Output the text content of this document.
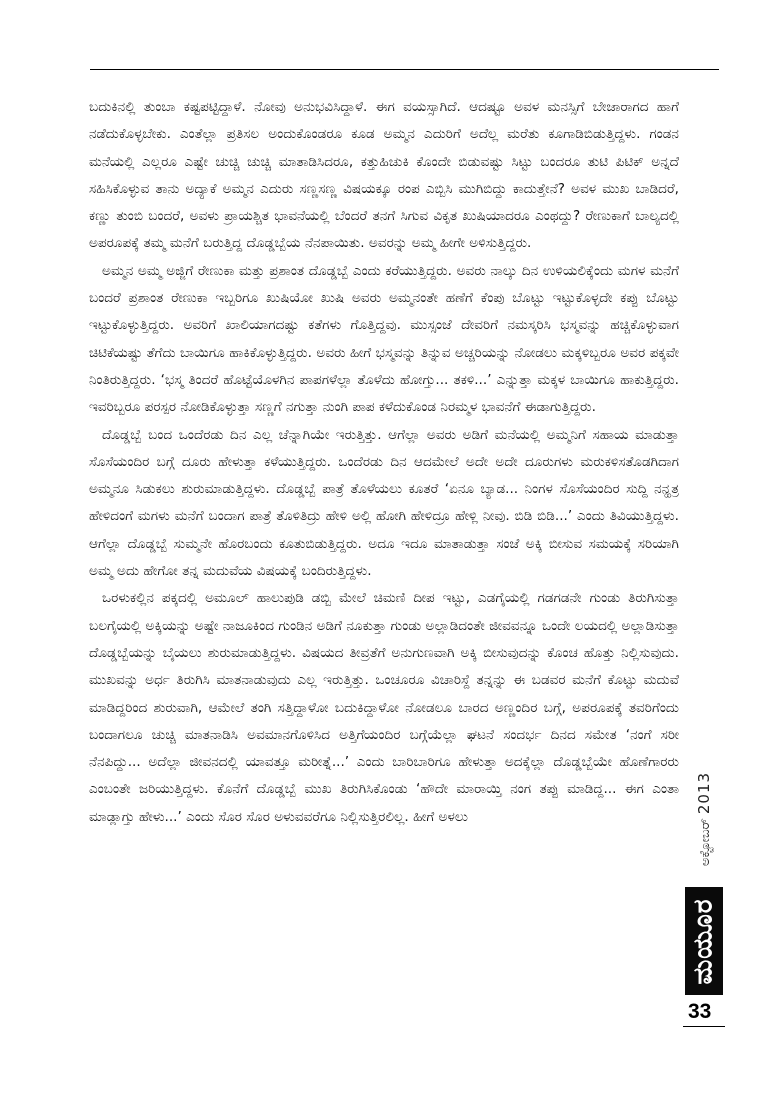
ಬದುಕಿನಲ್ಲಿ ತುಂಬಾ ಕಷ್ಟಪಟ್ಟಿದ್ದಾಳೆ. ನೋವು ಅನುಭವಿಸಿದ್ದಾಳೆ. ಈಗ ವಯಸ್ಸಾಗಿದೆ. ಆದಷ್ಟೂ ಅವಳ ಮನಸ್ಸಿಗೆ ಬೇಜಾರಾಗದ ಹಾಗೆ ನಡೆದುಕೊಳ್ಳಬೇಕು. ಎಂತೆಲ್ಲಾ ಪ್ರತಿಸಲ ಅಂದುಕೊಂಡರೂ ಕೂಡ ಅಮ್ಮನ ಎದುರಿಗೆ ಅದೆಲ್ಲ ಮರೆತು ಕೂಗಾಡಿಬಿಡುತ್ತಿದ್ದಳು. ಗಂಡನ ಮನೆಯಲ್ಲಿ ಎಲ್ಲರೂ ಎಷ್ಟೇ ಚುಚ್ಚಿ ಚುಚ್ಚಿ ಮಾತಾಡಿಸಿದರೂ, ಕತ್ತುಹಿಚುಕಿ ಕೊಂದೇ ಬಿಡುವಷ್ಟು ಸಿಟ್ಟು ಬಂದರೂ ತುಟಿ ಪಿಟಿಕ್ ಅನ್ನದೆ ಸಹಿಸಿಕೊಳ್ಳುವ ತಾನು ಅದ್ಯಾಕೆ ಅಮ್ಮನ ಎದುರು ಸಣ್ಣಸಣ್ಣ ವಿಷಯಕ್ಕೂ ರಂಪ ಎಬ್ಬಿಸಿ ಮುಗಿಬಿದ್ದು ಕಾದುತ್ತೇನೆ? ಅವಳ ಮುಖ ಬಾಡಿದರೆ, ಕಣ್ಣು ತುಂಬಿ ಬಂದರೆ, ಅವಳು ಪ್ರಾಯಶ್ಚಿತ ಭಾವನೆಯಲ್ಲಿ ಬೆಂದರೆ ತನಗೆ ಸಿಗುವ ವಿಕೃತ ಖುಷಿಯಾದರೂ ಎಂಥದ್ದು? ರೇಣುಕಾಗೆ ಬಾಲ್ಯದಲ್ಲಿ ಅಪರೂಪಕ್ಕೆ ತಮ್ಮ ಮನೆಗೆ ಬರುತ್ತಿದ್ದ ದೊಡ್ಡಬ್ಬೆಯ ನೆನಪಾಯಿತು. ಅವರನ್ನು ಅಮ್ಮ ಹೀಗೇ ಅಳಿಸುತ್ತಿದ್ದರು.

ಅಮ್ಮನ ಅಮ್ಮ ಅಜ್ಜಿಗೆ ರೇಣುಕಾ ಮತ್ತು ಪ್ರಶಾಂತ ದೊಡ್ಡಬ್ಬೆ ಎಂದು ಕರೆಯುತ್ತಿದ್ದರು. ಅವರು ನಾಲ್ಕು ದಿನ ಉಳಿಯಲಿಕ್ಕೆಂದು ಮಗಳ ಮನೆಗೆ ಬಂದರೆ ಪ್ರಶಾಂತ ರೇಣುಕಾ ಇಬ್ಬರಿಗೂ ಖುಷಿಯೋ ಖುಷಿ ಅವರು ಅಮ್ಮನಂತೇ ಹಣೆಗೆ ಕೆಂಪು ಬೊಟ್ಟು ಇಟ್ಟುಕೊಳ್ಳದೇ ಕಪ್ಪು ಬೊಟ್ಟು ಇಟ್ಟುಕೊಳ್ಳುತ್ತಿದ್ದರು. ಅವರಿಗೆ ಖಾಲಿಯಾಗದಷ್ಟು ಕತೆಗಳು ಗೊತ್ತಿದ್ದವು. ಮುಸ್ಸಂಜೆ ದೇವರಿಗೆ ನಮಸ್ಕರಿಸಿ ಭಸ್ಮವನ್ನು ಹಚ್ಚಿಕೊಳ್ಳುವಾಗ ಚಿಟಿಕೆಯಷ್ಟು ತೆಗೆದು ಬಾಯಿಗೂ ಹಾಕಿಕೊಳ್ಳುತ್ತಿದ್ದರು. ಅವರು ಹೀಗೆ ಭಸ್ಮವನ್ನು ತಿನ್ನುವ ಅಚ್ಚರಿಯನ್ನು ನೋಡಲು ಮಕ್ಕಳಿಬ್ಬರೂ ಅವರ ಪಕ್ಕವೇ ನಿಂತಿರುತ್ತಿದ್ದರು. ‘ಭಸ್ಮ ತಿಂದರೆ ಹೊಟ್ಟೆಯೊಳಗಿನ ಪಾಪಗಳೆಲ್ಲಾ ತೊಳೆದು ಹೋಗ್ತು... ತಕಳಿ...’ ಎನ್ನುತ್ತಾ ಮಕ್ಕಳ ಬಾಯಿಗೂ ಹಾಕುತ್ತಿದ್ದರು. ಇವರಿಬ್ಬರೂ ಪರಸ್ಪರ ನೋಡಿಕೊಳ್ಳುತ್ತಾ ಸಣ್ಣಗೆ ನಗುತ್ತಾ ನುಂಗಿ ಪಾಪ ಕಳೆದುಕೊಂಡ ನಿರಮ್ಮಳ ಭಾವನೆಗೆ ಈಡಾಗುತ್ತಿದ್ದರು.

ದೊಡ್ಡಬ್ಬೆ ಬಂದ ಒಂದೆರಡು ದಿನ ಎಲ್ಲ ಚೆನ್ನಾಗಿಯೇ ಇರುತ್ತಿತ್ತು. ಆಗೆಲ್ಲಾ ಅವರು ಅಡಿಗೆ ಮನೆಯಲ್ಲಿ ಅಮ್ಮನಿಗೆ ಸಹಾಯ ಮಾಡುತ್ತಾ ಸೊಸೆಯಂದಿರ ಬಗ್ಗೆ ದೂರು ಹೇಳುತ್ತಾ ಕಳೆಯುತ್ತಿದ್ದರು. ಒಂದೆರಡು ದಿನ ಆದಮೇಲೆ ಅದೇ ಅದೇ ದೂರುಗಳು ಮರುಕಳಿಸತೊಡಗಿದಾಗ ಅಮ್ಮನೂ ಸಿಡುಕಲು ಶುರುಮಾಡುತ್ತಿದ್ದಳು. ದೊಡ್ಡಬ್ಬೆ ಪಾತ್ರೆ ತೊಳೆಯಲು ಕೂತರೆ ‘ಏನೂ ಬ್ಯಾಡ... ನಿಂಗಳ ಸೊಸೆಯಂದಿರ ಸುದ್ದಿ ನನ್ಹತ್ರ ಹೇಳಿದಂಗೆ ಮಗಳು ಮನೆಗೆ ಬಂದಾಗ ಪಾತ್ರೆ ತೊಳಿತಿದ್ರು ಹೇಳಿ ಅಲ್ಲಿ ಹೋಗಿ ಹೇಳಿದ್ರೂ ಹೇಳ್ಲಿ ನೀವು. ಬಿಡಿ ಬಿಡಿ...’ ಎಂದು ತಿವಿಯುತ್ತಿದ್ದಳು. ಆಗೆಲ್ಲಾ ದೊಡ್ಡಬ್ಬೆ ಸುಮ್ಮನೇ ಹೊರಬಂದು ಕೂತುಬಿಡುತ್ತಿದ್ದರು. ಅದೂ ಇದೂ ಮಾತಾಡುತ್ತಾ ಸಂಜೆ ಅಕ್ಕಿ ಬೀಸುವ ಸಮಯಕ್ಕೆ ಸರಿಯಾಗಿ ಅಮ್ಮ ಅದು ಹೇಗೋ ತನ್ನ ಮದುವೆಯ ವಿಷಯಕ್ಕೆ ಬಂದಿರುತ್ತಿದ್ದಳು.

ಒರಳುಕಲ್ಲಿನ ಪಕ್ಕದಲ್ಲಿ ಅಮೂಲ್ ಹಾಲುಪುಡಿ ಡಬ್ಬಿ ಮೇಲೆ ಚಿಮಣಿ ದೀಪ ಇಟ್ಟು, ಎಡಗೈಯಲ್ಲಿ ಗಡಗಡನೇ ಗುಂಡು ತಿರುಗಿಸುತ್ತಾ ಬಲಗೈಯಲ್ಲಿ ಅಕ್ಕಿಯನ್ನು ಅಷ್ಟೇ ನಾಜೂಕಿಂದ ಗುಂಡಿನ ಅಡಿಗೆ ನೂಕುತ್ತಾ ಗುಂಡು ಅಲ್ಲಾಡಿದಂತೇ ಜೀವವನ್ನೂ ಒಂದೇ ಲಯದಲ್ಲಿ ಅಲ್ಲಾಡಿಸುತ್ತಾ ದೊಡ್ಡಬ್ಬೆಯನ್ನು ಬೈಯಲು ಶುರುಮಾಡುತ್ತಿದ್ದಳು. ವಿಷಯದ ತೀವ್ರತೆಗೆ ಅನುಗುಣವಾಗಿ ಅಕ್ಕಿ ಬೀಸುವುದನ್ನು ಕೊಂಚ ಹೊತ್ತು ನಿಲ್ಲಿಸುವುದು. ಮುಖವನ್ನು ಅರ್ಧ ತಿರುಗಿಸಿ ಮಾತನಾಡುವುದು ಎಲ್ಲ ಇರುತ್ತಿತ್ತು. ಒಂಚೂರೂ ವಿಚಾರಿಸ್ದೆ ತನ್ನನ್ನು ಈ ಬಡವರ ಮನೆಗೆ ಕೊಟ್ಟು ಮದುವೆ ಮಾಡಿದ್ದರಿಂದ ಶುರುವಾಗಿ, ಆಮೇಲೆ ತಂಗಿ ಸತ್ತಿದ್ದಾಳೋ ಬದುಕಿದ್ದಾಳೋ ನೋಡಲೂ ಬಾರದ ಅಣ್ಣಂದಿರ ಬಗ್ಗೆ, ಅಪರೂಪಕ್ಕೆ ತವರಿಗೆಂದು ಬಂದಾಗಲೂ ಚುಚ್ಚಿ ಮಾತನಾಡಿಸಿ ಅವಮಾನಗೊಳಿಸಿದ ಅತ್ತಿಗೆಯಂದಿರ ಬಗ್ಗೆಯೆಲ್ಲಾ ಘಟನೆ ಸಂದರ್ಭ ದಿನದ ಸಮೇತ ‘ನಂಗೆ ಸರೀ ನೆನಪಿದ್ದು... ಅದೆಲ್ಲಾ ಜೀವನದಲ್ಲಿ ಯಾವತ್ತೂ ಮರೀತ್ನೆ...’ ಎಂದು ಬಾರಿಬಾರಿಗೂ ಹೇಳುತ್ತಾ ಅದಕ್ಕೆಲ್ಲಾ ದೊಡ್ಡಬ್ಬೆಯೇ ಹೊಣೆಗಾರರು ಎಂಬಂತೇ ಜರಿಯುತ್ತಿದ್ದಳು. ಕೊನೆಗೆ ದೊಡ್ಡಬ್ಬೆ ಮುಖ ತಿರುಗಿಸಿಕೊಂಡು ‘ಹೌದೇ ಮಾರಾಯ್ತಿ ನಂಗ ತಪ್ಪು ಮಾಡಿದ್ದ... ಈಗ ಎಂತಾ ಮಾಡ್ಲಾಗ್ತು ಹೇಳು...’ ಎಂದು ಸೊರ ಸೊರ ಅಳುವವರೆಗೂ ನಿಲ್ಲಿಸುತ್ತಿರಲಿಲ್ಲ. ಹೀಗೆ ಅಳಲು

ಅಕ್ಟೋಬರ್ 2013
ಮಯೂರ
33
